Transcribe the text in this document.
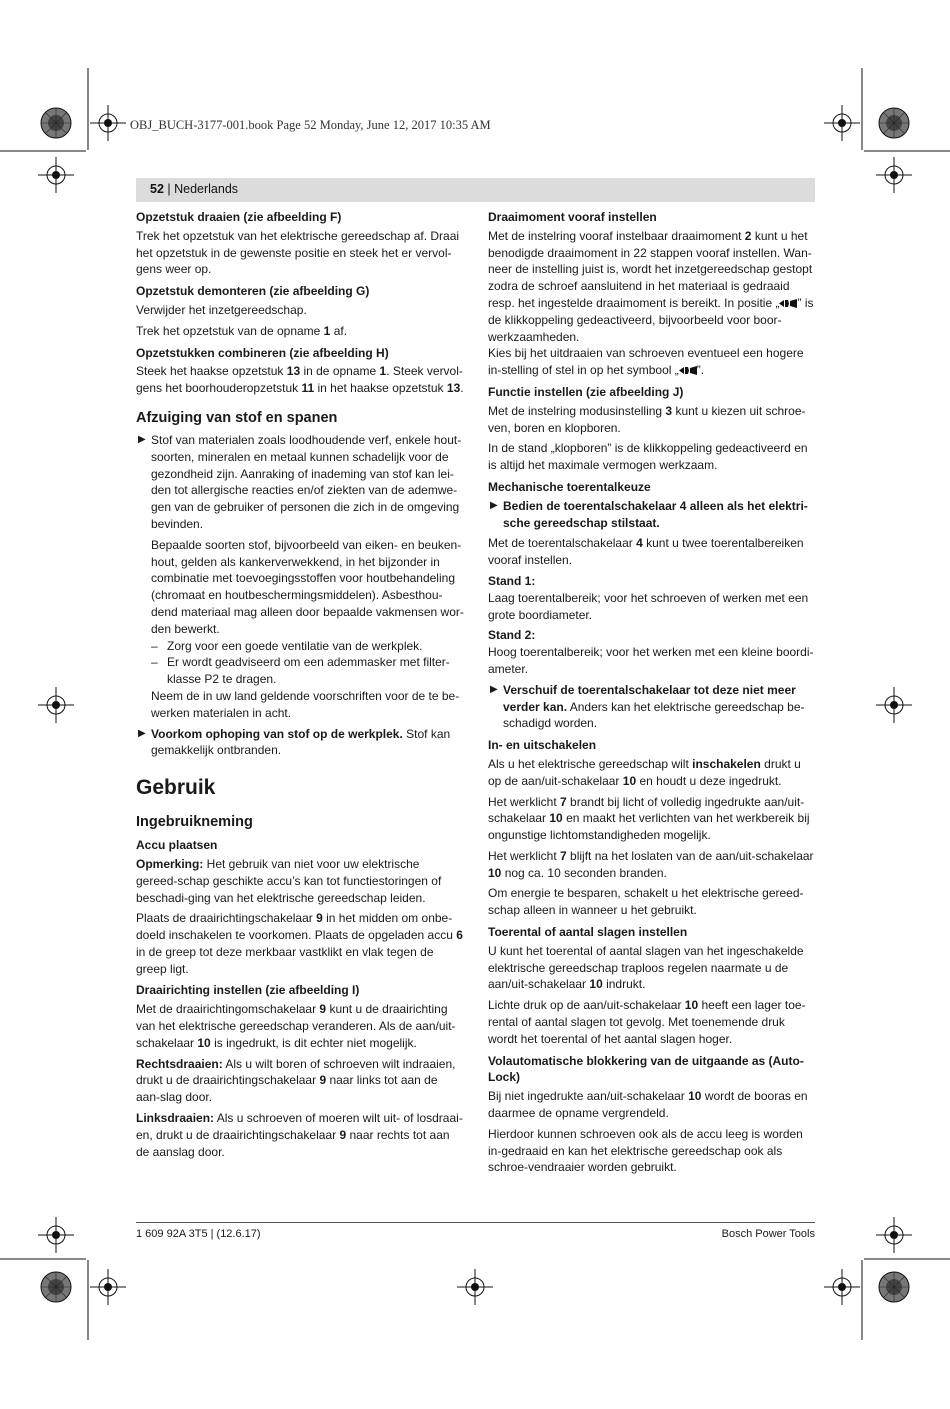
OBJ_BUCH-3177-001.book Page 52 Monday, June 12, 2017 10:35 AM
52 | Nederlands
Opzetstuk draaien (zie afbeelding F)

Trek het opzetstuk van het elektrische gereedschap af. Draai het opzetstuk in de gewenste positie en steek het er vervol-gens weer op.

Opzetstuk demonteren (zie afbeelding G)

Verwijder het inzetgereedschap.

Trek het opzetstuk van de opname 1 af.

Opzetstukken combineren (zie afbeelding H)

Steek het haakse opzetstuk 13 in de opname 1. Steek vervol-gens het boorhouderopzetstuk 11 in het haakse opzetstuk 13.

Afzuiging van stof en spanen
▶ Stof van materialen zoals loodhoudende verf, enkele hout-soorten, mineralen en metaal kunnen schadelijk voor de gezondheid zijn. Aanraking of inademing van stof kan lei-den tot allergische reacties en/of ziekten van de ademwe-gen van de gebruiker of personen die zich in de omgeving bevinden.

Bepaalde soorten stof, bijvoorbeeld van eiken- en beuken-hout, gelden als kankerverwekkend, in het bijzonder in combinatie met toevoegingsstoffen voor houtbehandeling (chromaat en houtbeschermingsmiddelen). Asbesthou-dend materiaal mag alleen door bepaalde vakmensen wor-den bewerkt.

– Zorg voor een goede ventilatie van de werkplek.
– Er wordt geadviseerd om een ademmasker met filter-klasse P2 te dragen.

Neem de in uw land geldende voorschriften voor de te be-werken materialen in acht.

▶ Voorkom ophoping van stof op de werkplek. Stof kan gemakkelijk ontbranden.

Gebruik
Ingebruikneming
Accu plaatsen

Opmerking: Het gebruik van niet voor uw elektrische gereed-schap geschikte accu’s kan tot functiestoringen of beschadi-ging van het elektrische gereedschap leiden.

Plaats de draairichtingschakelaar 9 in het midden om onbe-doeld inschakelen te voorkomen. Plaats de opgeladen accu 6 in de greep tot deze merkbaar vastklikt en vlak tegen de greep ligt.

Draairichting instellen (zie afbeelding I)

Met de draairichtingomschakelaar 9 kunt u de draairichting van het elektrische gereedschap veranderen. Als de aan/uit-schakelaar 10 is ingedrukt, is dit echter niet mogelijk.

Rechtsdraaien: Als u wilt boren of schroeven wilt indraaien, drukt u de draairichtingschakelaar 9 naar links tot aan de aan-slag door.

Linksdraaien: Als u schroeven of moeren wilt uit- of losdraai-en, drukt u de draairichtingschakelaar 9 naar rechts tot aan de aanslag door.

Draaimoment vooraf instellen

Met de instelring vooraf instelbaar draaimoment 2 kunt u het benodigde draaimoment in 22 stappen vooraf instellen. Wan-neer de instelling juist is, wordt het inzetgereedschap gestopt zodra de schroef aansluitend in het materiaal is gedraaid resp. het ingestelde draaimoment is bereikt. In positie „ ” is de klikkoppeling gedeactiveerd, bijvoorbeeld voor boor-werkzaamheden.

Kies bij het uitdraaien van schroeven eventueel een hogere in-stelling of stel in op het symbool „ ”.

Functie instellen (zie afbeelding J)

Met de instelring modusinstelling 3 kunt u kiezen uit schroe-ven, boren en klopboren.

In de stand „klopboren” is de klikkoppeling gedeactiveerd en is altijd het maximale vermogen werkzaam.

Mechanische toerentalkeuze
▶ Bedien de toerentalschakelaar 4 alleen als het elektri-sche gereedschap stilstaat.

Met de toerentalschakelaar 4 kunt u twee toerentalbereiken vooraf instellen.

Stand 1:

Laag toerentalbereik; voor het schroeven of werken met een grote boordiameter.

Stand 2:

Hoog toerentalbereik; voor het werken met een kleine boordi-ameter.

▶ Verschuif de toerentalschakelaar tot deze niet meer verder kan. Anders kan het elektrische gereedschap be-schadigd worden.

In- en uitschakelen

Als u het elektrische gereedschap wilt inschakelen drukt u op de aan/uit-schakelaar 10 en houdt u deze ingedrukt.

Het werklicht 7 brandt bij licht of volledig ingedrukte aan/uit-schakelaar 10 en maakt het verlichten van het werkbereik bij ongunstige lichtomstandigheden mogelijk.

Het werklicht 7 blijft na het loslaten van de aan/uit-schakelaar 10 nog ca. 10 seconden branden.

Om energie te besparen, schakelt u het elektrische gereed-schap alleen in wanneer u het gebruikt.

Toerental of aantal slagen instellen

U kunt het toerental of aantal slagen van het ingeschakelde elektrische gereedschap traploos regelen naarmate u de aan/uit-schakelaar 10 indrukt.

Lichte druk op de aan/uit-schakelaar 10 heeft een lager toe-rental of aantal slagen tot gevolg. Met toenemende druk wordt het toerental of het aantal slagen hoger.

Volautomatische blokkering van de uitgaande as (Auto-Lock)

Bij niet ingedrukte aan/uit-schakelaar 10 wordt de booras en daarmee de opname vergrendeld.

Hierdoor kunnen schroeven ook als de accu leeg is worden in-gedraaid en kan het elektrische gereedschap ook als schroe-vendraaier worden gebruikt.

1 609 92A 3T5 | (12.6.17)	Bosch Power Tools
